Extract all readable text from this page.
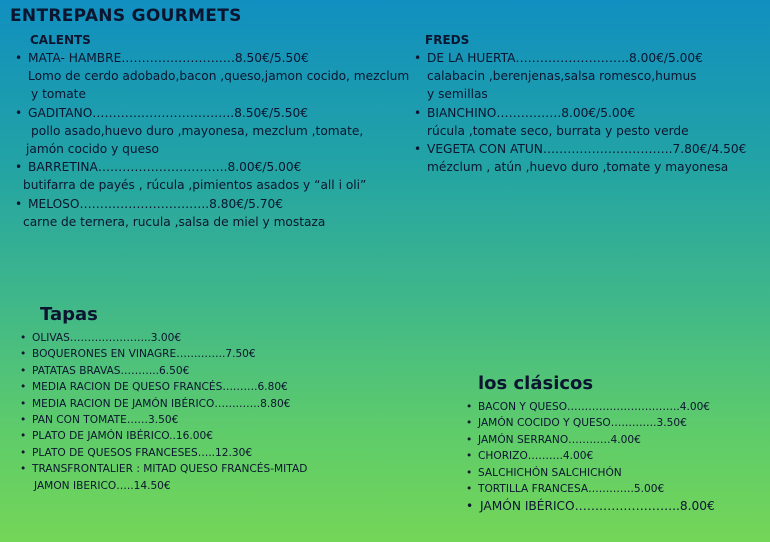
ENTREPANS GOURMETS
CALENTS
• MATA- HAMBRE……………………….8.50€/5.50€
Lomo de cerdo adobado,bacon ,queso,jamon cocido, mezclum
y tomate
• GADITANO……………………………..8.50€/5.50€
pollo asado,huevo duro ,mayonesa, mezclum ,tomate,
jamón cocido y queso
• BARRETINA…………………………..8.00€/5.00€
butifarra de payés , rúcula ,pimientos asados y “all i oli”
• MELOSO…………………………..8.80€/5.70€
carne de ternera, rucula ,salsa de miel y mostaza
FREDS
• DE LA HUERTA……………………….8.00€/5.00€
calabacin ,berenjenas,salsa romesco,humus
y semillas
• BIANCHINO…………….8.00€/5.00€
rúcula ,tomate seco, burrata y pesto verde
• VEGETA CON ATUN…………………………..7.80€/4.50€
mézclum , atún ,huevo duro ,tomate y mayonesa
Tapas
• OLIVAS…………………..3.00€
• BOQUERONES EN VINAGRE…………..7.50€
• PATATAS BRAVAS………..6.50€
• MEDIA RACION DE QUESO FRANCÉS……….6.80€
• MEDIA RACION DE JAMÓN IBÉRICO………….8.80€
• PAN CON TOMATE……3.50€
• PLATO DE JAMÓN IBÉRICO..16.00€
• PLATO DE QUESOS FRANCESES…..12.30€
• TRANSFRONTALIER : MITAD QUESO FRANCÉS-MITAD
JAMON IBERICO…..14.50€
los clásicos
• BACON Y QUESO…………………………..4.00€
• JAMÓN COCIDO Y QUESO………….3.50€
• JAMÓN SERRANO…………4.00€
• CHORIZO……….4.00€
• SALCHICHÓN SALCHICHÓN
• TORTILLA FRANCESA………….5.00€
• JAMÓN IBÉRICO……………………..8.00€
